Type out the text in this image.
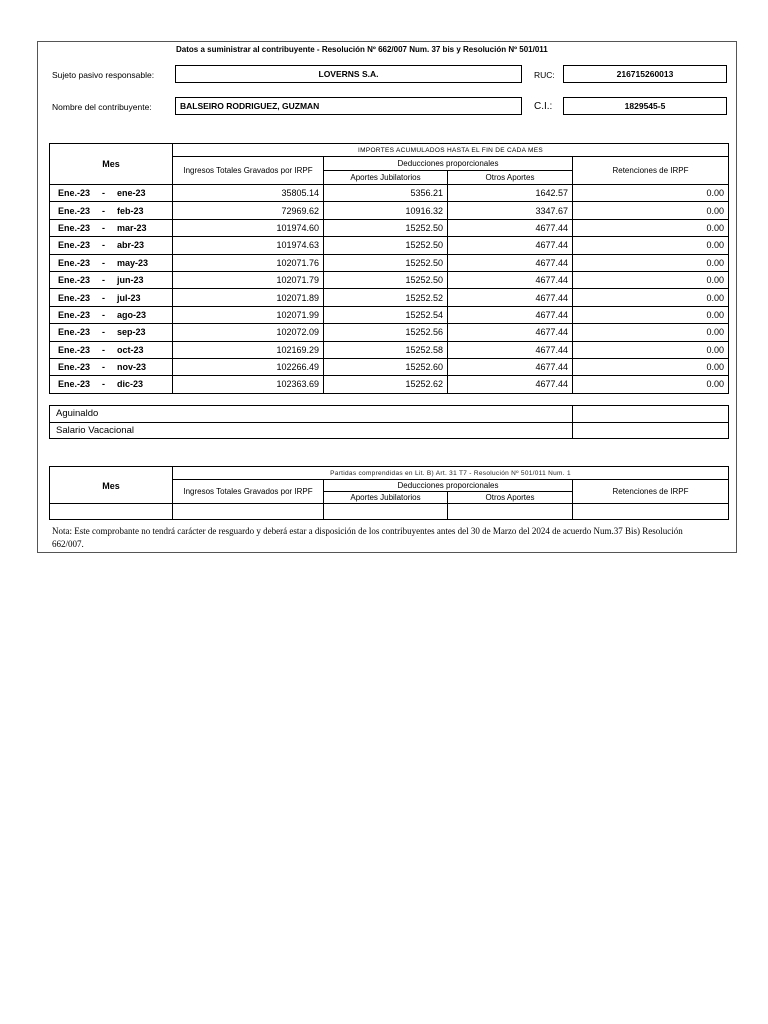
Datos a suministrar al contribuyente - Resolución Nº 662/007 Num. 37 bis y Resolución Nº 501/011
Sujeto pasivo responsable:	LOVERNS S.A.	RUC:	216715260013
Nombre del contribuyente:	BALSEIRO RODRIGUEZ, GUZMAN	C.I.:	1829545-5
Mes	IMPORTES ACUMULADOS HASTA EL FIN DE CADA MES			
	Ingresos Totales Gravados por IRPF	Deducciones proporcionales		Retenciones de IRPF
		Aportes Jubilatorios	Otros Aportes	
Ene.-23 - ene-23	35805.14	5356.21	1642.57	0.00
Ene.-23 - feb-23	72969.62	10916.32	3347.67	0.00
Ene.-23 - mar-23	101974.60	15252.50	4677.44	0.00
Ene.-23 - abr-23	101974.63	15252.50	4677.44	0.00
Ene.-23 - may-23	102071.76	15252.50	4677.44	0.00
Ene.-23 - jun-23	102071.79	15252.50	4677.44	0.00
Ene.-23 - jul-23	102071.89	15252.52	4677.44	0.00
Ene.-23 - ago-23	102071.99	15252.54	4677.44	0.00
Ene.-23 - sep-23	102072.09	15252.56	4677.44	0.00
Ene.-23 - oct-23	102169.29	15252.58	4677.44	0.00
Ene.-23 - nov-23	102266.49	15252.60	4677.44	0.00
Ene.-23 - dic-23	102363.69	15252.62	4677.44	0.00
Aguinaldo	
Salario Vacacional	
Mes	Partidas comprendidas en Lit. B) Art. 31 T7 - Resolución Nº 501/011 Num. 1			
	Ingresos Totales Gravados por IRPF	Deducciones proporcionales		Retenciones de IRPF
		Aportes Jubilatorios	Otros Aportes	

Nota: Este comprobante no tendrá carácter de resguardo y deberá estar a disposición de los contribuyentes antes del 30 de Marzo del 2024 de acuerdo Num.37 Bis) Resolución 662/007.
